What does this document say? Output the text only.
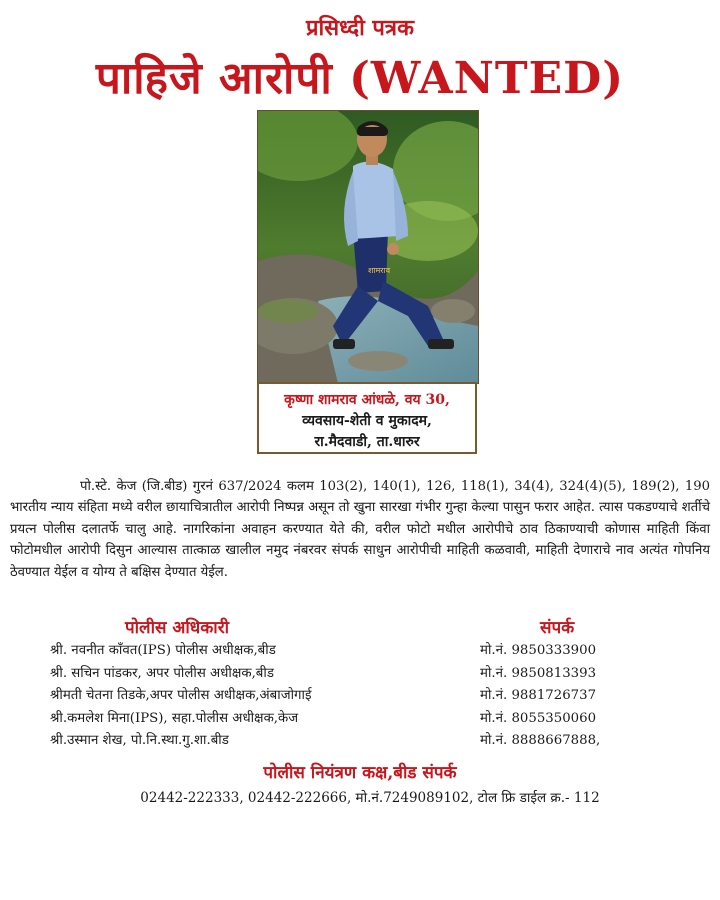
प्रसिध्दी पत्रक
पाहिजे आरोपी (WANTED)
शामराव
कृष्णा शामराव आंधळे, वय 30,
व्यवसाय-शेती व मुकादम,
रा.मैदवाडी, ता.धारुर
पो.स्टे. केज (जि.बीड) गुरनं 637/2024 कलम 103(2), 140(1), 126, 118(1), 34(4), 324(4)(5), 189(2), 190 भारतीय न्याय संहिता मध्ये वरील छायाचित्रातील आरोपी निष्पन्न असून तो खुना सारखा गंभीर गुन्हा केल्या पासुन फरार आहेत. त्यास पकडण्याचे शर्तीचे प्रयत्न पोलीस दलातर्फे चालु आहे. नागरिकांना अवाहन करण्यात येते की, वरील फोटो मधील आरोपीचे ठाव ठिकाण्याची कोणास माहिती किंवा फोटोमधील आरोपी दिसुन आल्यास तात्काळ खालील नमुद नंबरवर संपर्क साधुन आरोपीची माहिती कळवावी, माहिती देणाराचे नाव अत्यंत गोपनिय ठेवण्यात येईल व योग्य ते बक्षिस देण्यात येईल.
पोलीस अधिकारी	संपर्क
श्री. नवनीत काँवत(IPS) पोलीस अधीक्षक,बीड	मो.नं. 9850333900
श्री. सचिन पांडकर, अपर पोलीस अधीक्षक,बीड	मो.नं. 9850813393
श्रीमती चेतना तिडके,अपर पोलीस अधीक्षक,अंबाजोगाई	मो.नं. 9881726737
श्री.कमलेश मिना(IPS), सहा.पोलीस अधीक्षक,केज	मो.नं. 8055350060
श्री.उस्मान शेख, पो.नि.स्था.गु.शा.बीड	मो.नं. 8888667888,
पोलीस नियंत्रण कक्ष,बीड संपर्क
02442-222333, 02442-222666, मो.नं.7249089102, टोल फ्रि डाईल क्र.- 112
